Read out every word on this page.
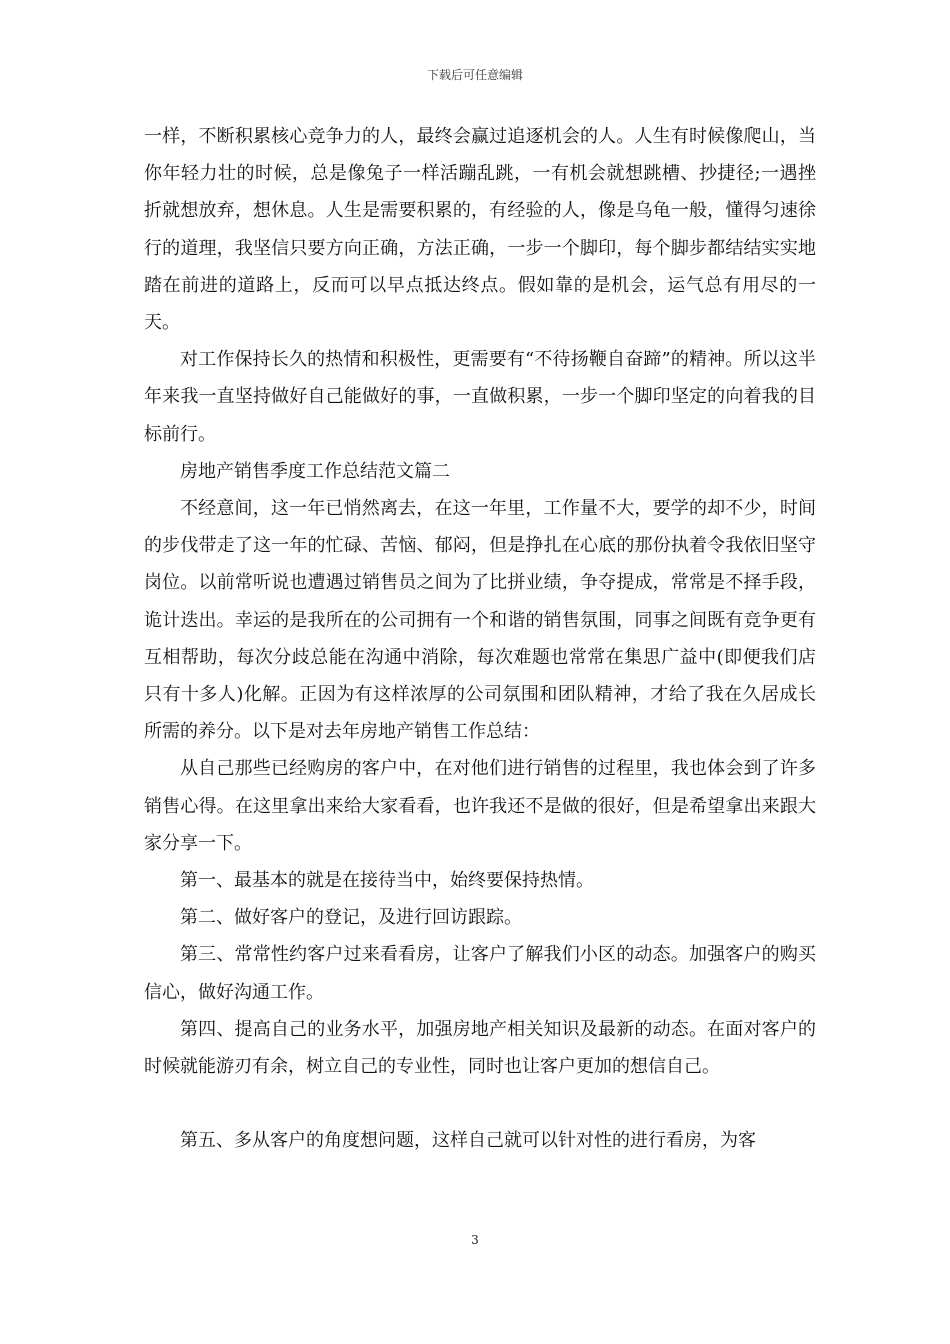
下载后可任意编辑

一样，不断积累核心竞争力的人，最终会赢过追逐机会的人。人生有时候像爬山，当你年轻力壮的时候，总是像兔子一样活蹦乱跳，一有机会就想跳槽、抄捷径;一遇挫折就想放弃，想休息。人生是需要积累的，有经验的人，像是乌龟一般，懂得匀速徐行的道理，我坚信只要方向正确，方法正确，一步一个脚印，每个脚步都结结实实地踏在前进的道路上，反而可以早点抵达终点。假如靠的是机会，运气总有用尽的一天。

对工作保持长久的热情和积极性，更需要有“不待扬鞭自奋蹄”的精神。所以这半年来我一直坚持做好自己能做好的事，一直做积累，一步一个脚印坚定的向着我的目标前行。

房地产销售季度工作总结范文篇二

不经意间，这一年已悄然离去，在这一年里，工作量不大，要学的却不少，时间的步伐带走了这一年的忙碌、苦恼、郁闷，但是挣扎在心底的那份执着令我依旧坚守岗位。以前常听说也遭遇过销售员之间为了比拼业绩，争夺提成，常常是不择手段，诡计迭出。幸运的是我所在的公司拥有一个和谐的销售氛围，同事之间既有竞争更有互相帮助，每次分歧总能在沟通中消除，每次难题也常常在集思广益中(即便我们店只有十多人)化解。正因为有这样浓厚的公司氛围和团队精神，才给了我在久居成长所需的养分。以下是对去年房地产销售工作总结：

从自己那些已经购房的客户中，在对他们进行销售的过程里，我也体会到了许多销售心得。在这里拿出来给大家看看，也许我还不是做的很好，但是希望拿出来跟大家分享一下。

第一、最基本的就是在接待当中，始终要保持热情。

第二、做好客户的登记，及进行回访跟踪。

第三、常常性约客户过来看看房，让客户了解我们小区的动态。加强客户的购买信心，做好沟通工作。

第四、提高自己的业务水平，加强房地产相关知识及最新的动态。在面对客户的时候就能游刃有余，树立自己的专业性，同时也让客户更加的想信自己。

第五、多从客户的角度想问题，这样自己就可以针对性的进行看房，为客

3
